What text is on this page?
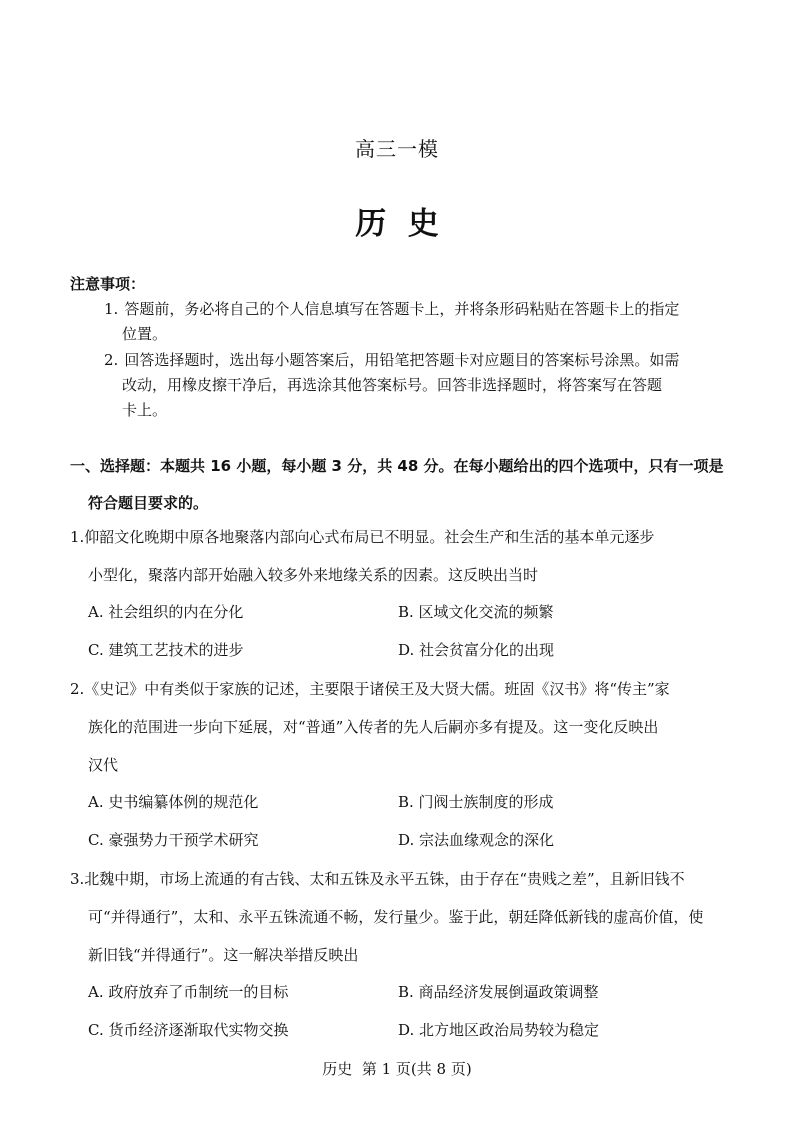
高三一模
历  史
注意事项：
1. 答题前，务必将自己的个人信息填写在答题卡上，并将条形码粘贴在答题卡上的指定
位置。
2. 回答选择题时，选出每小题答案后，用铅笔把答题卡对应题目的答案标号涂黑。如需
改动，用橡皮擦干净后，再选涂其他答案标号。回答非选择题时，将答案写在答题
卡上。
一、选择题：本题共 16 小题，每小题 3 分，共 48 分。在每小题给出的四个选项中，只有一项是
符合题目要求的。
1.仰韶文化晚期中原各地聚落内部向心式布局已不明显。社会生产和生活的基本单元逐步
小型化，聚落内部开始融入较多外来地缘关系的因素。这反映出当时
A. 社会组织的内在分化	B. 区域文化交流的频繁
C. 建筑工艺技术的进步	D. 社会贫富分化的出现
2.《史记》中有类似于家族的记述，主要限于诸侯王及大贤大儒。班固《汉书》将“传主”家
族化的范围进一步向下延展，对“普通”入传者的先人后嗣亦多有提及。这一变化反映出
汉代
A. 史书编纂体例的规范化	B. 门阀士族制度的形成
C. 豪强势力干预学术研究	D. 宗法血缘观念的深化
3.北魏中期，市场上流通的有古钱、太和五铢及永平五铢，由于存在“贵贱之差”，且新旧钱不
可“并得通行”，太和、永平五铢流通不畅，发行量少。鉴于此，朝廷降低新钱的虚高价值，使
新旧钱“并得通行”。这一解决举措反映出
A. 政府放弃了币制统一的目标	B. 商品经济发展倒逼政策调整
C. 货币经济逐渐取代实物交换	D. 北方地区政治局势较为稳定
历史  第 1 页(共 8 页)
